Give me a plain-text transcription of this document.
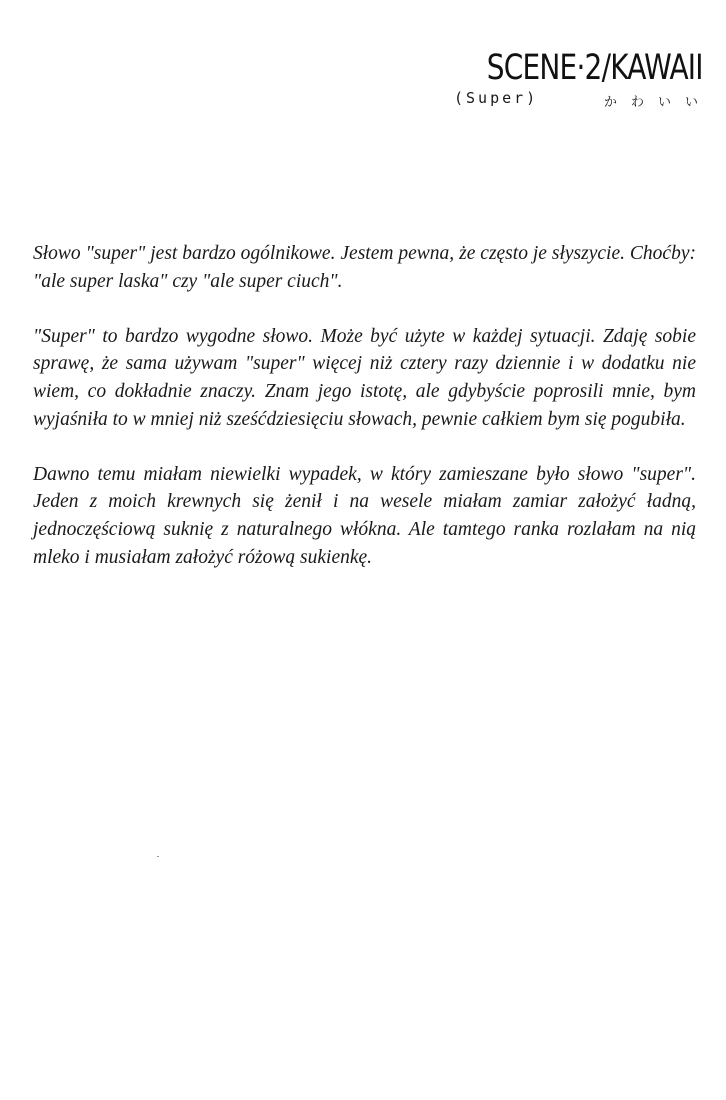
SCENE·2/KAWAII
(Super)	かわいい

Słowo "super" jest bardzo ogólnikowe. Jestem pewna, że często je słyszycie. Choćby: "ale super laska" czy "ale super ciuch".

"Super" to bardzo wygodne słowo. Może być użyte w każdej sytuacji. Zdaję sobie sprawę, że sama używam "super" więcej niż cztery razy dziennie i w dodatku nie wiem, co dokładnie znaczy. Znam jego istotę, ale gdybyście poprosili mnie, bym wyjaśniła to w mniej niż sześćdziesięciu słowach, pewnie całkiem bym się pogubiła.

Dawno temu miałam niewielki wypadek, w który zamieszane było słowo "super". Jeden z moich krewnych się żenił i na wesele miałam zamiar założyć ładną, jednoczęściową suknię z naturalnego włókna. Ale tamtego ranka rozlałam na nią mleko i musiałam założyć różową sukienkę.
